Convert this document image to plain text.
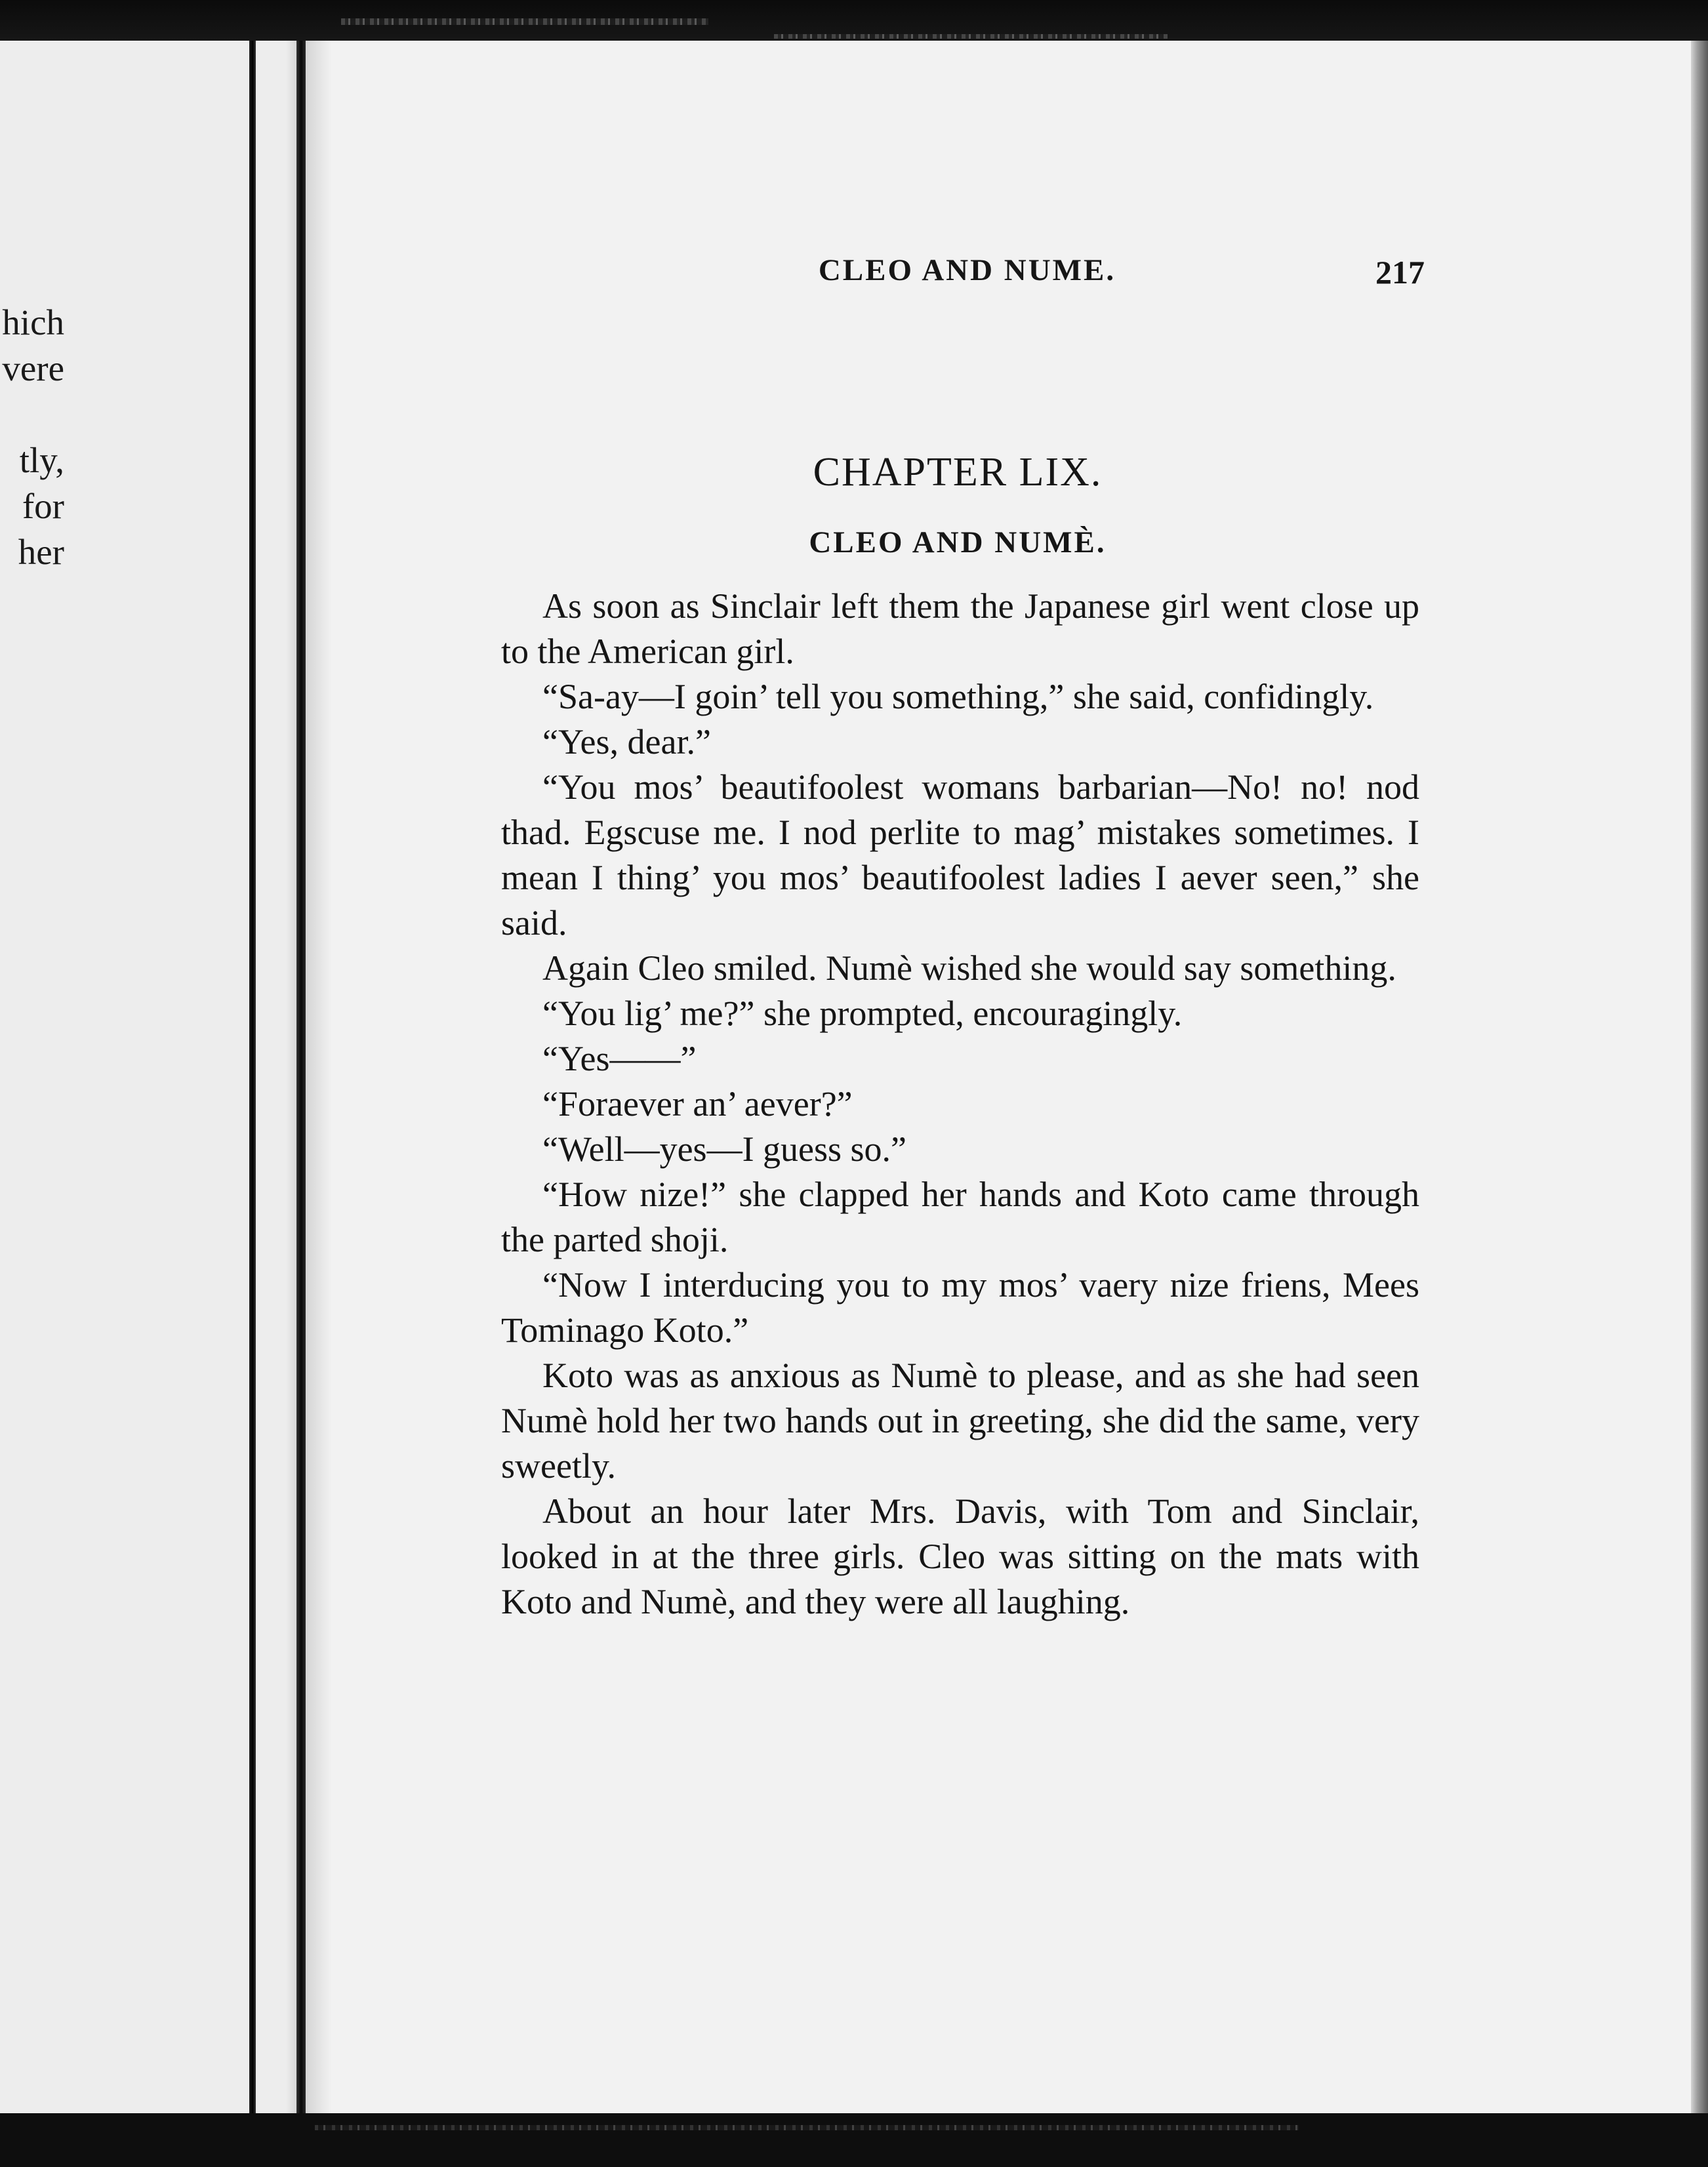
hich
vere
tly,
for
her
CLEO AND NUME.	217
CHAPTER LIX.
CLEO AND NUMÈ.

As soon as Sinclair left them the Japanese girl went close up to the American girl.

“Sa-ay—I goin’ tell you something,” she said, confidingly.

“Yes, dear.”

“You mos’ beautifoolest womans barbarian—No! no! nod thad. Egscuse me. I nod perlite to mag’ mistakes sometimes. I mean I thing’ you mos’ beautifoolest ladies I aever seen,” she said.

Again Cleo smiled. Numè wished she would say something.

“You lig’ me?” she prompted, encouragingly.

“Yes——”

“Foraever an’ aever?”

“Well—yes—I guess so.”

“How nize!” she clapped her hands and Koto came through the parted shoji.

“Now I interducing you to my mos’ vaery nize friens, Mees Tominago Koto.”

Koto was as anxious as Numè to please, and as she had seen Numè hold her two hands out in greeting, she did the same, very sweetly.

About an hour later Mrs. Davis, with Tom and Sinclair, looked in at the three girls. Cleo was sitting on the mats with Koto and Numè, and they were all laughing.
